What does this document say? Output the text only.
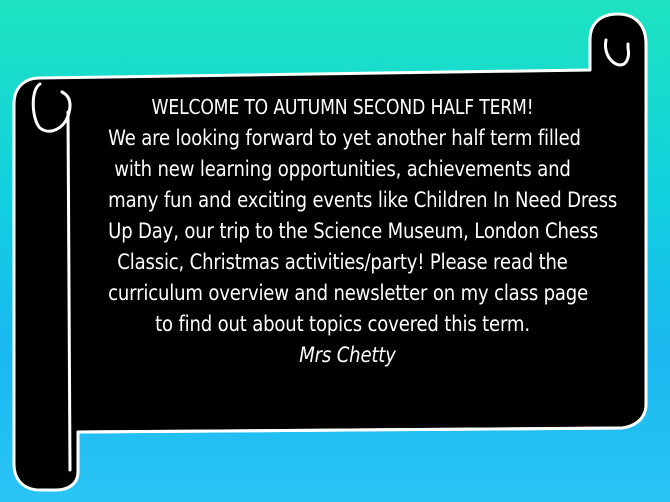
WELCOME TO AUTUMN SECOND HALF TERM!
We are looking forward to yet another half term filled
with new learning opportunities, achievements and
many fun and exciting events like Children In Need Dress
Up Day, our trip to the Science Museum, London Chess
Classic, Christmas activities/party! Please read the
curriculum overview and newsletter on my class page
to find out about topics covered this term.
Mrs Chetty
